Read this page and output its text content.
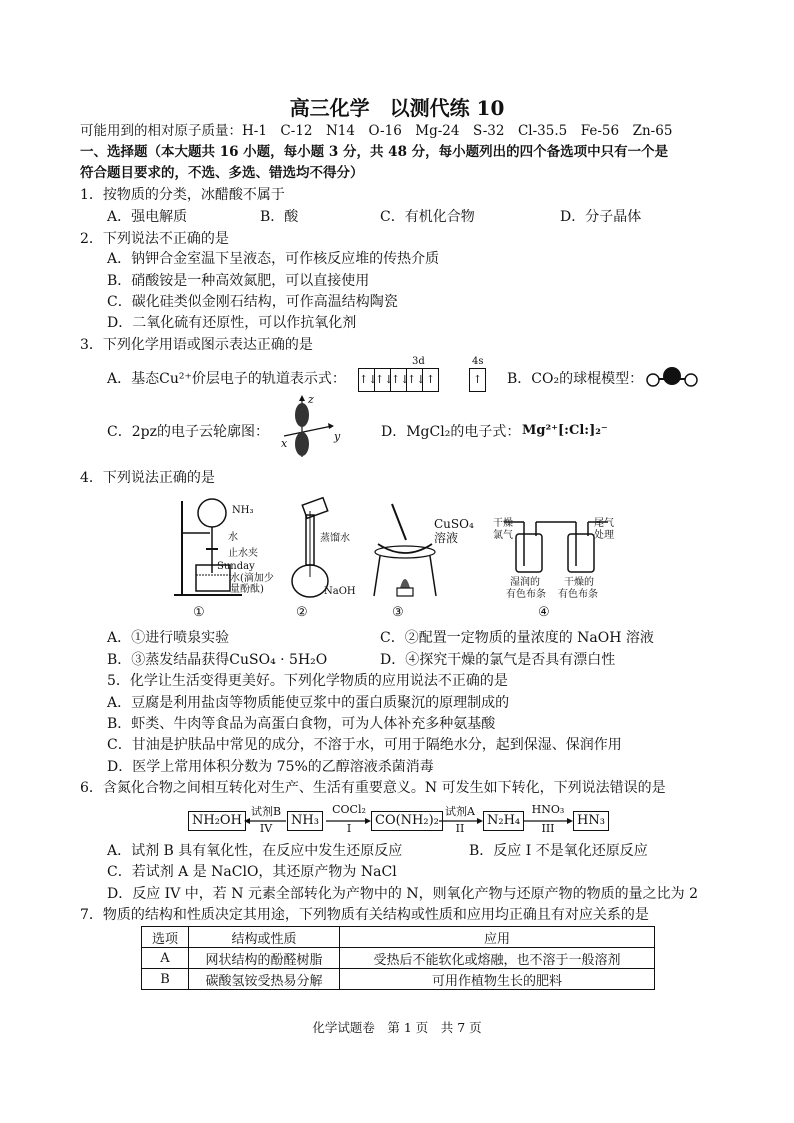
高三化学　以测代练 10
可能用到的相对原子质量：H-1　C-12　N14　O-16　Mg-24　S-32　Cl-35.5　Fe-56　Zn-65
一、选择题（本大题共 16 小题，每小题 3 分，共 48 分，每小题列出的四个备选项中只有一个是
符合题目要求的，不选、多选、错选均不得分）
1．按物质的分类，冰醋酸不属于
A．强电解质	B．酸	C．有机化合物	D．分子晶体
2．下列说法不正确的是
A．钠钾合金室温下呈液态，可作核反应堆的传热介质
B．硝酸铵是一种高效氮肥，可以直接使用
C．碳化硅类似金刚石结构，可作高温结构陶瓷
D．二氧化硫有还原性，可以作抗氧化剂
3．下列化学用语或图示表达正确的是
A．基态Cu²⁺价层电子的轨道表示式：
3d	4s
↑↓
↑↓
↑↓
↑↓ ↑	↑ B．CO₂的球棍模型：
C．2pz的电子云轮廓图：
z
x
y	D．MgCl₂的电子式： Mg²⁺[:Cl:]₂⁻
4．下列说法正确的是
NH₃
水
止水夹
Sunday
水(滴加少
量酚酞)
蒸馏水
NaOH
CuSO₄
溶液
干燥
氯气
尾气
处理
湿润的
有色布条
干燥的
有色布条
①	②	③	④
A．①进行喷泉实验	C．②配置一定物质的量浓度的 NaOH 溶液
B．③蒸发结晶获得CuSO₄ · 5H₂O	D．④探究干燥的氯气是否具有漂白性
5．化学让生活变得更美好。下列化学物质的应用说法不正确的是
A．豆腐是利用盐卤等物质能使豆浆中的蛋白质聚沉的原理制成的
B．虾类、牛肉等食品为高蛋白食物，可为人体补充多种氨基酸
C．甘油是护肤品中常见的成分，不溶于水，可用于隔绝水分，起到保湿、保润作用
D．医学上常用体积分数为 75%的乙醇溶液杀菌消毒
6．含氮化合物之间相互转化对生产、生活有重要意义。N 可发生如下转化，下列说法错误的是
NH₂OH	NH₃	CO(NH₂)₂	N₂H₄	HN₃
试剂B
IV
COCl₂
I
试剂A
II
HNO₃
III
A．试剂 B 具有氧化性，在反应中发生还原反应	B．反应 I 不是氧化还原反应
C．若试剂 A 是 NaClO，其还原产物为 NaCl
D．反应 IV 中，若 N 元素全部转化为产物中的 N，则氧化产物与还原产物的物质的量之比为 2
7．物质的结构和性质决定其用途，下列物质有关结构或性质和应用均正确且有对应关系的是
选项	结构或性质	应用
A	网状结构的酚醛树脂	受热后不能软化或熔融，也不溶于一般溶剂
B	碳酸氢铵受热易分解	可用作植物生长的肥料
化学试题卷　第 1 页　共 7 页
